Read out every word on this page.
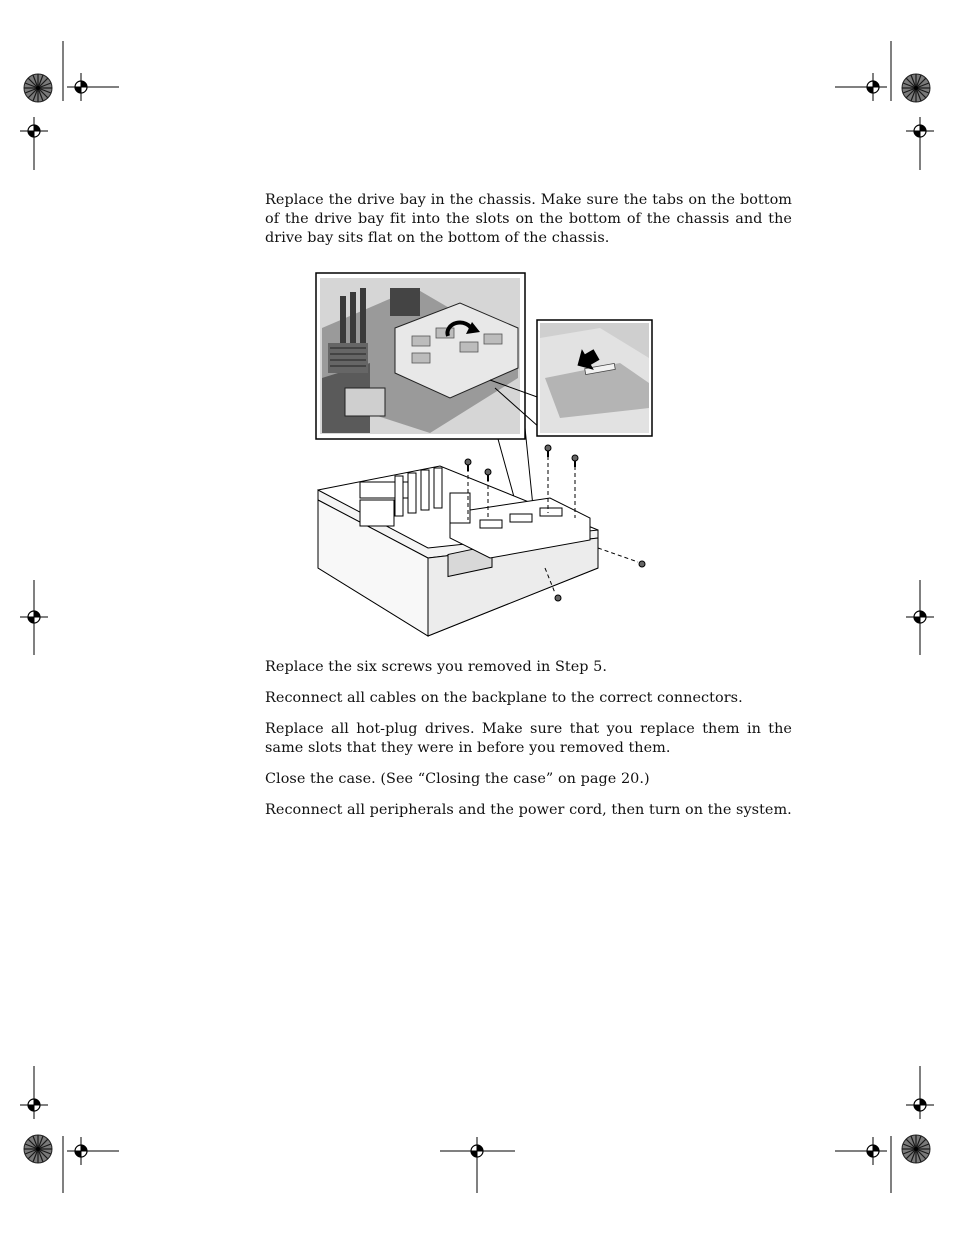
Replace the drive bay in the chassis. Make sure the tabs on the bottom of the drive bay fit into the slots on the bottom of the chassis and the drive bay sits flat on the bottom of the chassis.

Replace the six screws you removed in Step 5.

Reconnect all cables on the backplane to the correct connectors.

Replace all hot-plug drives. Make sure that you replace them in the same slots that they were in before you removed them.

Close the case. (See “Closing the case” on page 20.)

Reconnect all peripherals and the power cord, then turn on the system.
